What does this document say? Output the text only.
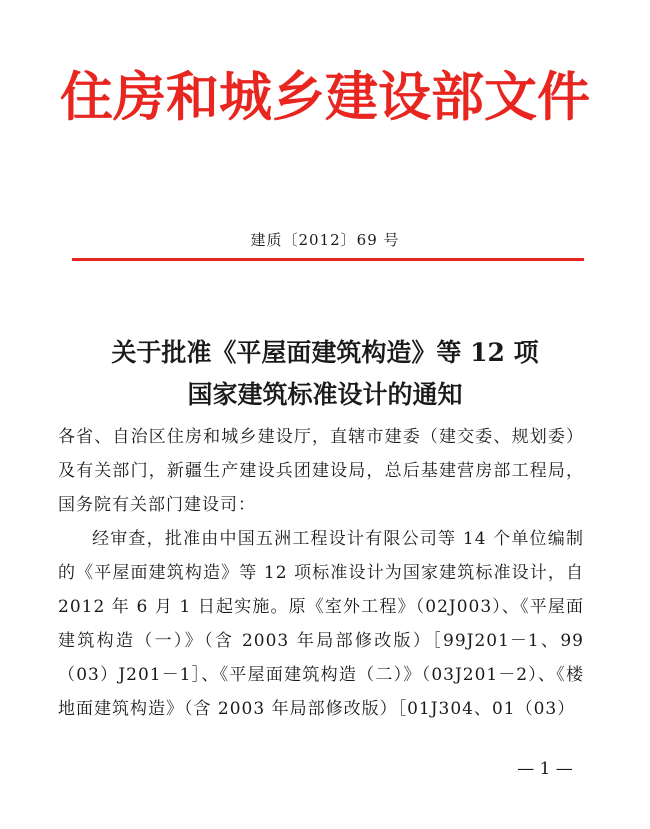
住房和城乡建设部文件
建质〔2012〕69 号
关于批准《平屋面建筑构造》等 12 项
国家建筑标准设计的通知

各省、自治区住房和城乡建设厅，直辖市建委（建交委、规划委）及有关部门，新疆生产建设兵团建设局，总后基建营房部工程局，国务院有关部门建设司：

经审查，批准由中国五洲工程设计有限公司等 14 个单位编制的《平屋面建筑构造》等 12 项标准设计为国家建筑标准设计，自 2012 年 6 月 1 日起实施。原《室外工程》（02J003）、《平屋面建筑构造（一）》（含 2003 年局部修改版）［99J201－1、99（03）J201－1］、《平屋面建筑构造（二）》（03J201－2）、《楼地面建筑构造》（含 2003 年局部修改版）［01J304、01（03）

— 1 —
